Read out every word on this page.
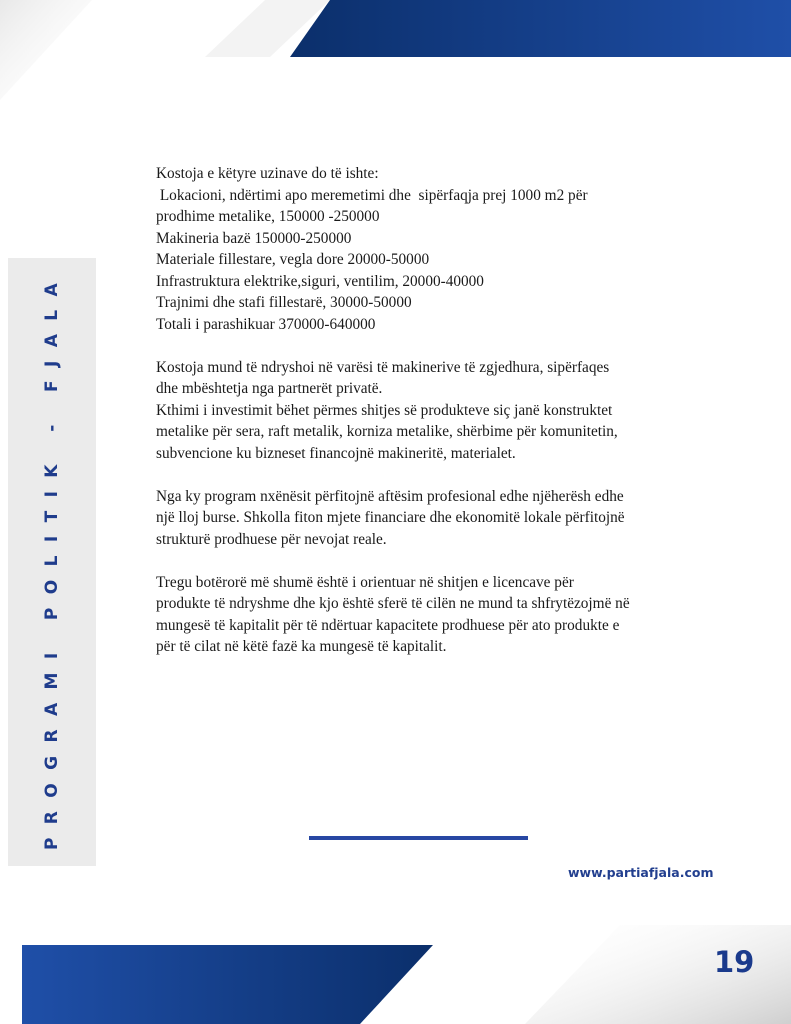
PROGRAMI POLITIK - FJALA

Kostoja e këtyre uzinave do të ishte:
Lokacioni, ndërtimi apo meremetimi dhe  sipërfaqja prej 1000 m2 për
prodhime metalike, 150000 -250000
Makineria bazë 150000-250000
Materiale fillestare, vegla dore 20000-50000
Infrastruktura elektrike,siguri, ventilim, 20000-40000
Trajnimi dhe stafi fillestarë, 30000-50000
Totali i parashikuar 370000-640000

Kostoja mund të ndryshoi në varësi të makinerive të zgjedhura, sipërfaqes
dhe mbështetja nga partnerët privatë.
Kthimi i investimit bëhet përmes shitjes së produkteve siç janë konstruktet
metalike për sera, raft metalik, korniza metalike, shërbime për komunitetin,
subvencione ku bizneset financojnë makineritë, materialet.

Nga ky program nxënësit përfitojnë aftësim profesional edhe njëherësh edhe
një lloj burse. Shkolla fiton mjete financiare dhe ekonomitë lokale përfitojnë
strukturë prodhuese për nevojat reale.

Tregu botërorë më shumë është i orientuar në shitjen e licencave për
produkte të ndryshme dhe kjo është sferë të cilën ne mund ta shfrytëzojmë në
mungesë të kapitalit për të ndërtuar kapacitete prodhuese për ato produkte e
për të cilat në këtë fazë ka mungesë të kapitalit.

www.partiafjala.com
19
